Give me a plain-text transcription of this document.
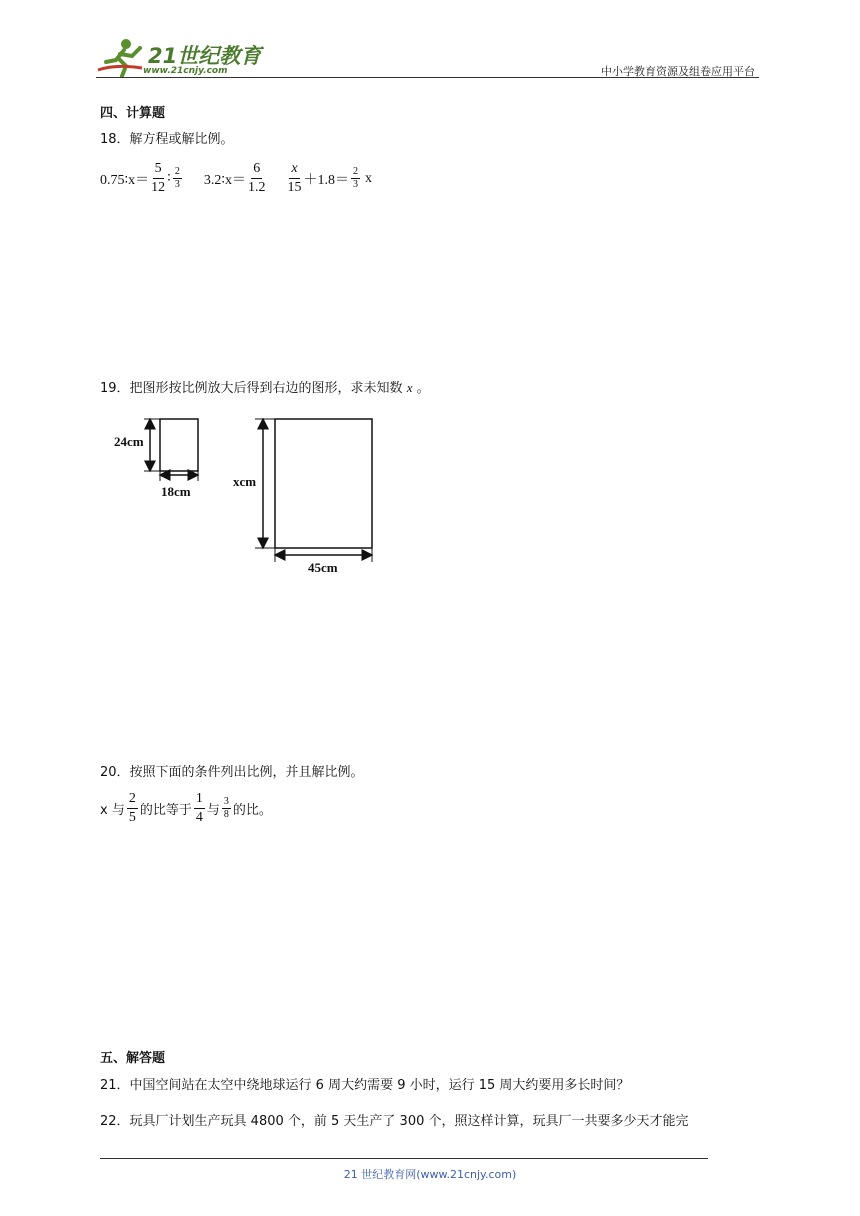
21世纪教育
www.21cnjy.com	中小学教育资源及组卷应用平台
四、计算题
18．解方程或解比例。
0.75∶x＝ $\frac{5}{12}$ ∶ $\frac{2}{3}$ 3.2∶x＝ $\frac{6}{1.2} \frac{x}{15} +1.8= \frac{2}{3}$ x
19．把图形按比例放大后得到右边的图形，求未知数 x 。
24cm
18cm
xcm
45cm
20．按照下面的条件列出比例，并且解比例。
x 与 $\frac{2}{5}$ 的比等于 $\frac{1}{4}$ 与 $\frac{3}{8}$ 的比。
五、解答题
21．中国空间站在太空中绕地球运行 6 周大约需要 9 小时，运行 15 周大约要用多长时间？
22．玩具厂计划生产玩具 4800 个，前 5 天生产了 300 个，照这样计算，玩具厂一共要多少天才能完
21 世纪教育网(www.21cnjy.com)
